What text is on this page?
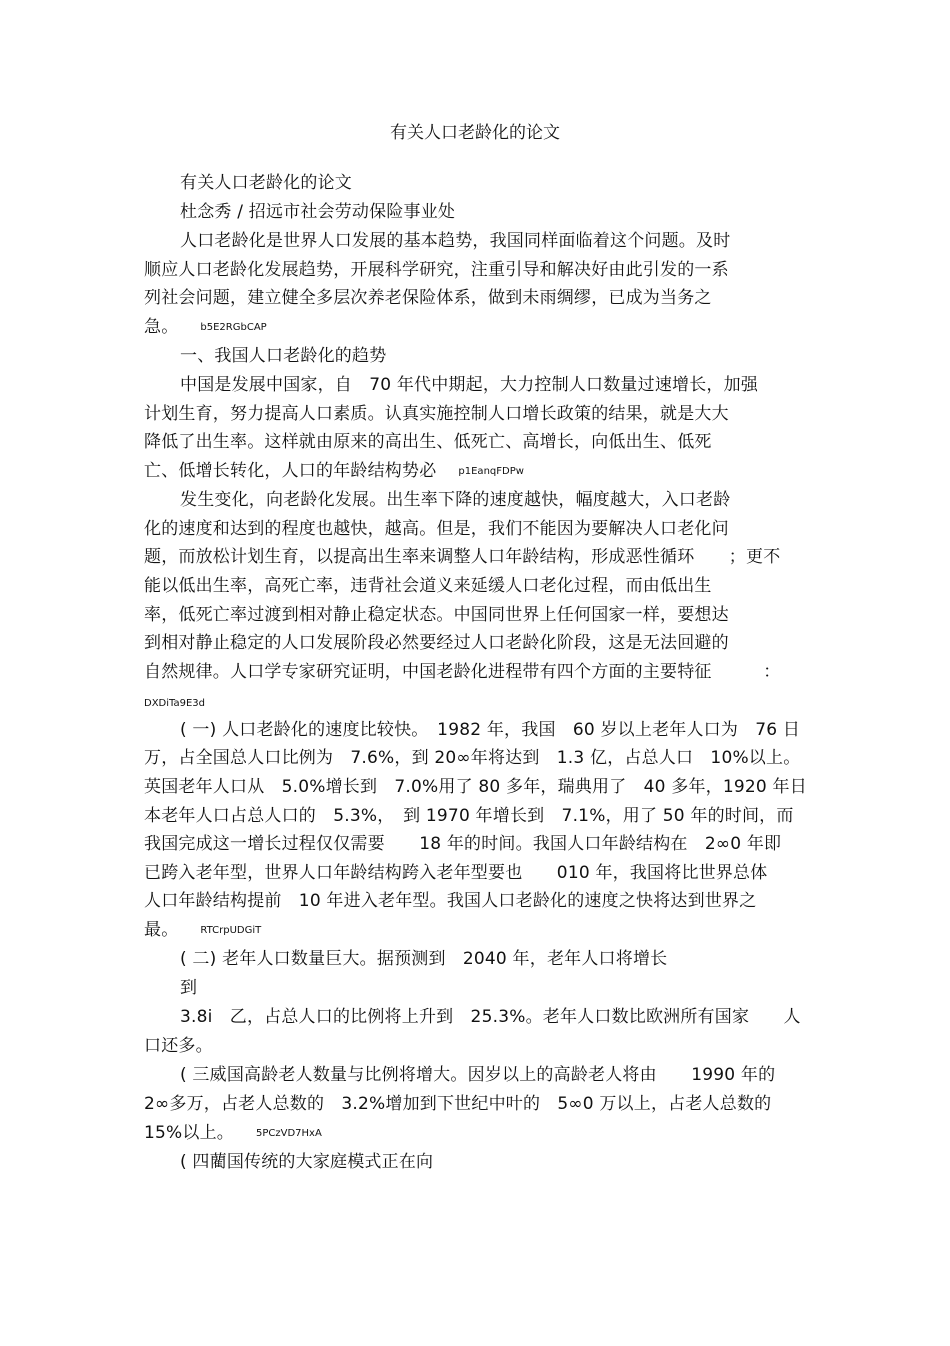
有关人口老龄化的论文
有关人口老龄化的论文
杜念秀 / 招远市社会劳动保险事业处
人口老龄化是世界人口发展的基本趋势，我国同样面临着这个问题。及时
顺应人口老龄化发展趋势，开展科学研究，注重引导和解决好由此引发的一系
列社会问题，建立健全多层次养老保险体系，做到未雨绸缪，已成为当务之
急。 b5E2RGbCAP
一、我国人口老龄化的趋势
中国是发展中国家，自　70 年代中期起，大力控制人口数量过速增长，加强
计划生育，努力提高人口素质。认真实施控制人口增长政策的结果，就是大大
降低了出生率。这样就由原来的高出生、低死亡、高增长，向低出生、低死
亡、低增长转化，人口的年龄结构势必 p1EanqFDPw
发生变化，向老龄化发展。出生率下降的速度越快，幅度越大，入口老龄
化的速度和达到的程度也越快，越高。但是，我们不能因为要解决人口老化问
题，而放松计划生育，以提高出生率来调整人口年龄结构，形成恶性循环　　；更不
能以低出生率，高死亡率，违背社会道义来延缓人口老化过程，而由低出生
率，低死亡率过渡到相对静止稳定状态。中国同世界上任何国家一样，要想达
到相对静止稳定的人口发展阶段必然要经过人口老龄化阶段，这是无法回避的
自然规律。人口学专家研究证明，中国老龄化进程带有四个方面的主要特征　　　：
DXDiTa9E3d
( 一) 人口老龄化的速度比较快。　1982 年，我国　60 岁以上老年人口为　76 日
万，占全国总人口比例为　7.6%，到 20∞年将达到　1.3 亿，占总人口　10%以上。
英国老年人口从　5.0%增长到　7.0%用了 80 多年，瑞典用了　40 多年，1920 年日
本老年人口占总人口的　5.3%，　到 1970 年增长到　7.1%，用了 50 年的时间，而
我国完成这一增长过程仅仅需要　　18 年的时间。我国人口年龄结构在　2∞0 年即
已跨入老年型，世界人口年龄结构跨入老年型要也　　010 年，我国将比世界总体
人口年龄结构提前　10 年进入老年型。我国人口老龄化的速度之快将达到世界之
最。 RTCrpUDGiT
( 二) 老年人口数量巨大。据预测到　2040 年，老年人口将增长
到
3.8i　乙，占总人口的比例将上升到　25.3%。老年人口数比欧洲所有国家　　人
口还多。
( 三威国高龄老人数量与比例将增大。因岁以上的高龄老人将由　　1990 年的
2∞多万，占老人总数的　3.2%增加到下世纪中叶的　5∞0 万以上，占老人总数的
15%以上。 5PCzVD7HxA
( 四藺国传统的大家庭模式正在向
